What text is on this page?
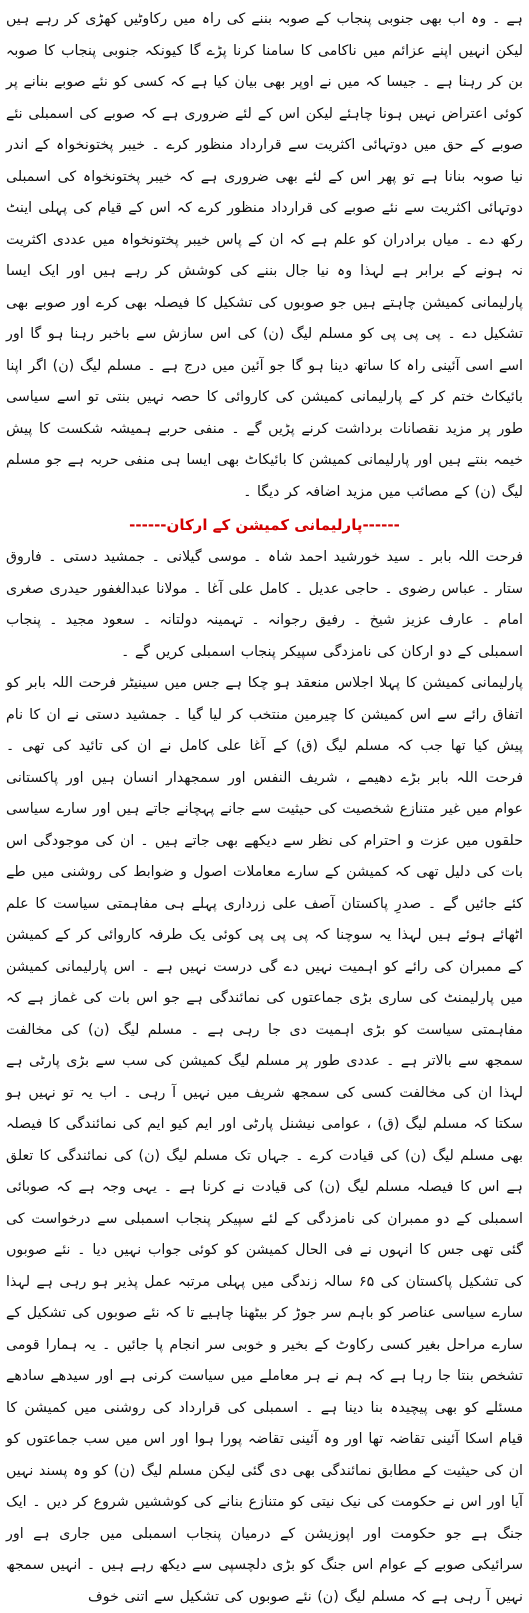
ہے ۔ وہ اب بھی جنوبی پنجاب کے صوبہ بننے کی راہ میں رکاوٹیں کھڑی کر رہے ہیں لیکن انہیں اپنے عزائم میں ناکامی کا سامنا کرنا پڑے گا کیونکہ جنوبی پنجاب کا صوبہ بن کر رہنا ہے ۔ جیسا کہ میں نے اوپر بھی بیان کیا ہے کہ کسی کو نئے صوبے بنانے پر کوئی اعتراض نہیں ہونا چاہئے لیکن اس کے لئے ضروری ہے کہ صوبے کی اسمبلی نئے صوبے کے حق میں دوتہائی اکثریت سے قرارداد منظور کرے ۔ خیبر پختونخواہ کے اندر نیا صوبہ بنانا ہے تو پھر اس کے لئے بھی ضروری ہے کہ خیبر پختونخواہ کی اسمبلی دوتہائی اکثریت سے نئے صوبے کی قرارداد منظور کرے کہ اس کے قیام کی پہلی اینٹ رکھ دے ۔ میاں برادران کو علم ہے کہ ان کے پاس خیبر پختونخواہ میں عددی اکثریت نہ ہونے کے برابر ہے لہذا وہ نیا جال بننے کی کوشش کر رہے ہیں اور ایک ایسا پارلیمانی کمیشن چاہتے ہیں جو صوبوں کی تشکیل کا فیصلہ بھی کرے اور صوبے بھی تشکیل دے ۔ پی پی پی کو مسلم لیگ (ن) کی اس سازش سے باخبر رہنا ہو گا اور اسے اسی آئینی راہ کا ساتھ دینا ہو گا جو آئین میں درج ہے ۔ مسلم لیگ (ن) اگر اپنا بائیکاٹ ختم کر کے پارلیمانی کمیشن کی کاروائی کا حصہ نہیں بنتی تو اسے سیاسی طور پر مزید نقصانات برداشت کرنے پڑیں گے ۔ منفی حربے ہمیشہ شکست کا پیش خیمہ بنتے ہیں اور پارلیمانی کمیشن کا بائیکاٹ بھی ایسا ہی منفی حربہ ہے جو مسلم لیگ (ن) کے مصائب میں مزید اضافہ کر دیگا ۔

------پارلیمانی کمیشن کے ارکان------

فرحت اللہ بابر ۔ سید خورشید احمد شاہ ۔ موسی گیلانی ۔ جمشید دستی ۔ فاروق ستار ۔ عباس رضوی ۔ حاجی عدیل ۔ کامل علی آغا ۔ مولانا عبدالغفور حیدری صغری امام ۔ عارف عزیز شیخ ۔ رفیق رجوانہ ۔ تہمینہ دولتانہ ۔ سعود مجید ۔ پنجاب اسمبلی کے دو ارکان کی نامزدگی سپیکر پنجاب اسمبلی کریں گے ۔

پارلیمانی کمیشن کا پہلا اجلاس منعقد ہو چکا ہے جس میں سینیٹر فرحت اللہ بابر کو اتفاق رائے سے اس کمیشن کا چیرمین منتخب کر لیا گیا ۔ جمشید دستی نے ان کا نام پیش کیا تھا جب کہ مسلم لیگ (ق) کے آغا علی کامل نے ان کی تائید کی تھی ۔ فرحت اللہ بابر بڑے دھیمے ، شریف النفس اور سمجھدار انسان ہیں اور پاکستانی عوام میں غیر متنازع شخصیت کی حیثیت سے جانے پہچانے جاتے ہیں اور سارے سیاسی حلقوں میں عزت و احترام کی نظر سے دیکھے بھی جاتے ہیں ۔ ان کی موجودگی اس بات کی دلیل تھی کہ کمیشن کے سارے معاملات اصول و ضوابط کی روشنی میں طے کئے جائیں گے ۔ صدرِ پاکستان آصف علی زرداری پہلے ہی مفاہمتی سیاست کا علم اٹھائے ہوئے ہیں لہذا یہ سوچنا کہ پی پی پی کوئی یک طرفہ کاروائی کر کے کمیشن کے ممبران کی رائے کو اہمیت نہیں دے گی درست نہیں ہے ۔ اس پارلیمانی کمیشن میں پارلیمنٹ کی ساری بڑی جماعتوں کی نمائندگی ہے جو اس بات کی غماز ہے کہ مفاہمتی سیاست کو بڑی اہمیت دی جا رہی ہے ۔ مسلم لیگ (ن) کی مخالفت سمجھ سے بالاتر ہے ۔ عددی طور پر مسلم لیگ کمیشن کی سب سے بڑی پارٹی ہے لہذا ان کی مخالفت کسی کی سمجھ شریف میں نہیں آ رہی ۔ اب یہ تو نہیں ہو سکتا کہ مسلم لیگ (ق) ، عوامی نیشنل پارٹی اور ایم کیو ایم کی نمائندگی کا فیصلہ بھی مسلم لیگ (ن) کی قیادت کرے ۔ جہاں تک مسلم لیگ (ن) کی نمائندگی کا تعلق ہے اس کا فیصلہ مسلم لیگ (ن) کی قیادت نے کرنا ہے ۔ یہی وجہ ہے کہ صوبائی اسمبلی کے دو ممبران کی نامزدگی کے لئے سپیکر پنجاب اسمبلی سے درخواست کی گئی تھی جس کا انہوں نے فی الحال کمیشن کو کوئی جواب نہیں دیا ۔ نئے صوبوں کی تشکیل پاکستان کی ۶۵ سالہ زندگی میں پہلی مرتبہ عمل پذیر ہو رہی ہے لہذا سارے سیاسی عناصر کو باہم سر جوڑ کر بیٹھنا چاہیے تا کہ نئے صوبوں کی تشکیل کے سارے مراحل بغیر کسی رکاوٹ کے بخیر و خوبی سر انجام پا جائیں ۔ یہ ہمارا قومی تشخص بنتا جا رہا ہے کہ ہم نے ہر معاملے میں سیاست کرنی ہے اور سیدھے سادھے مسئلے کو بھی پیچیدہ بنا دینا ہے ۔ اسمبلی کی قرارداد کی روشنی میں کمیشن کا قیام اسکا آئینی تقاضہ تھا اور وہ آئینی تقاضہ پورا ہوا اور اس میں سب جماعتوں کو ان کی حیثیت کے مطابق نمائندگی بھی دی گئی لیکن مسلم لیگ (ن) کو وہ پسند نہیں آیا اور اس نے حکومت کی نیک نیتی کو متنازع بنانے کی کوششیں شروع کر دیں ۔ ایک جنگ ہے جو حکومت اور اپوزیشن کے درمیان پنجاب اسمبلی میں جاری ہے اور سرائیکی صوبے کے عوام اس جنگ کو بڑی دلچسپی سے دیکھ رہے ہیں ۔ انہیں سمجھ نہیں آ رہی ہے کہ مسلم لیگ (ن) نئے صوبوں کی تشکیل سے اتنی خوف
